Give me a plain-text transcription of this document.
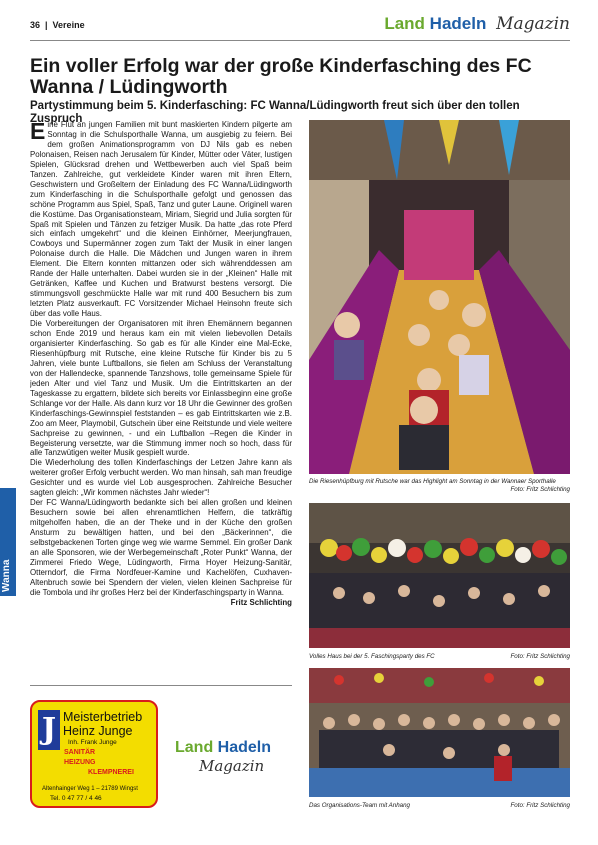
36  |  Vereine	Land Hadeln Magazin
Ein voller Erfolg war der große Kinderfasching des FC Wanna / Lüdingworth
Partystimmung beim 5. Kinderfasching: FC Wanna/Lüdingworth freut sich über den tollen Zuspruch

Eine Flut an jungen Familien mit bunt maskierten Kindern pilgerte am Sonntag in die Schulsporthalle Wanna, um ausgiebig zu feiern. Bei dem großen Animationsprogramm von DJ Nils gab es neben Polonaisen, Reisen nach Jerusalem für Kinder, Mütter oder Väter, lustigen Spielen, Glücksrad drehen und Wettbewerben auch viel Spaß beim Tanzen. Zahlreiche, gut verkleidete Kinder waren mit ihren Eltern, Geschwistern und Großeltern der Einladung des FC Wanna/Lüdingworth zum Kinderfasching in die Schulsporthalle gefolgt und genossen das schöne Programm aus Spiel, Spaß, Tanz und guter Laune. Originell waren die Kostüme. Das Organisationsteam, Miriam, Siegrid und Julia sorgten für Spaß mit Spielen und Tänzen zu fetziger Musik. Da hatte „das rote Pferd sich einfach umgekehrt“ und die kleinen Einhörner, Meerjungfrauen, Cowboys und Supermänner zogen zum Takt der Musik in einer langen Polonaise durch die Halle. Die Mädchen und Jungen waren in ihrem Element. Die Eltern konnten mittanzen oder sich währenddessen am Rande der Halle unterhalten. Dabei wurden sie in der „Kleinen“ Halle mit Getränken, Kaffee und Kuchen und Bratwurst bestens versorgt. Die stimmungsvoll geschmückte Halle war mit rund 400 Besuchern bis zum letzten Platz ausverkauft. FC Vorsitzender Michael Heinsohn freute sich über das volle Haus.

Die Vorbereitungen der Organisatoren mit ihren Ehemännern begannen schon Ende 2019 und heraus kam ein mit vielen liebevollen Details organisierter Kinderfasching. So gab es für alle Kinder eine Mal-Ecke, Riesenhüpfburg mit Rutsche, eine kleine Rutsche für Kinder bis zu 5 Jahren, viele bunte Luftballons, sie fielen am Schluss der Veranstaltung von der Hallendecke, spannende Tanzshows, tolle gemeinsame Spiele für jeden Alter und viel Tanz und Musik. Um die Eintrittskarten an der Tageskasse zu ergattern, bildete sich bereits vor Einlassbeginn eine große Schlange vor der Halle. Als dann kurz vor 18 Uhr die Gewinner des großen Kinderfaschings-Gewinnspiel feststanden – es gab Eintrittskarten wie z.B. Zoo am Meer, Playmobil, Gutschein über eine Reitstunde und viele weitere Sachpreise zu gewinnen, - und ein Luftballon –Regen die Kinder in Begeisterung versetzte, war die Stimmung immer noch so hoch, dass für alle Tanzwütigen weiter Musik gespielt wurde.

Die Wiederholung des tollen Kinderfaschings der Letzen Jahre kann als weiterer großer Erfolg verbucht werden. Wo man hinsah, sah man freudige Gesichter und es wurde viel Lob ausgesprochen. Zahlreiche Besucher sagten gleich: „Wir kommen nächstes Jahr wieder“!

Der FC Wanna/Lüdingworth bedankte sich bei allen großen und kleinen Besuchern sowie bei allen ehrenamtlichen Helfern, die tatkräftig mitgeholfen haben, die an der Theke und in der Küche den großen Ansturm zu bewältigen hatten, und bei den „Bäckerinnen“, die selbstgebackenen Torten ginge weg wie warme Semmel. Ein großer Dank an alle Sponsoren, wie der Werbegemeinschaft „Roter Punkt“ Wanna, der Zimmerei Friedo Wege, Lüdingworth, Firma Hoyer Heizung-Sanitär, Otterndorf, die Firma Nordfeuer-Kamine und Kachelöfen, Cuxhaven-Altenbruch sowie bei Spendern der vielen, vielen kleinen Sachpreise für die Tombola und ihr großes Herz bei der Kinderfaschingsparty in Wanna.

Fritz Schlichting
Wanna
J Meisterbetrieb
Heinz Junge
Inh. Frank Junge
SANITÄR
HEIZUNG
KLEMPNEREI
Altenhainger Weg 1 – 21789 Wingst
Tel. 0 47 77 / 4 46
Land Hadeln
Magazin
Die Riesenhüpfburg mit Rutsche war das Highlight am Sonntag in der Wannaer Sporthalle
Foto: Fritz Schlichting
Volles Haus bei der 5. Faschingsparty des FC	Foto: Fritz Schlichting
Das Organisations-Team mit Anhang	Foto: Fritz Schlichting
